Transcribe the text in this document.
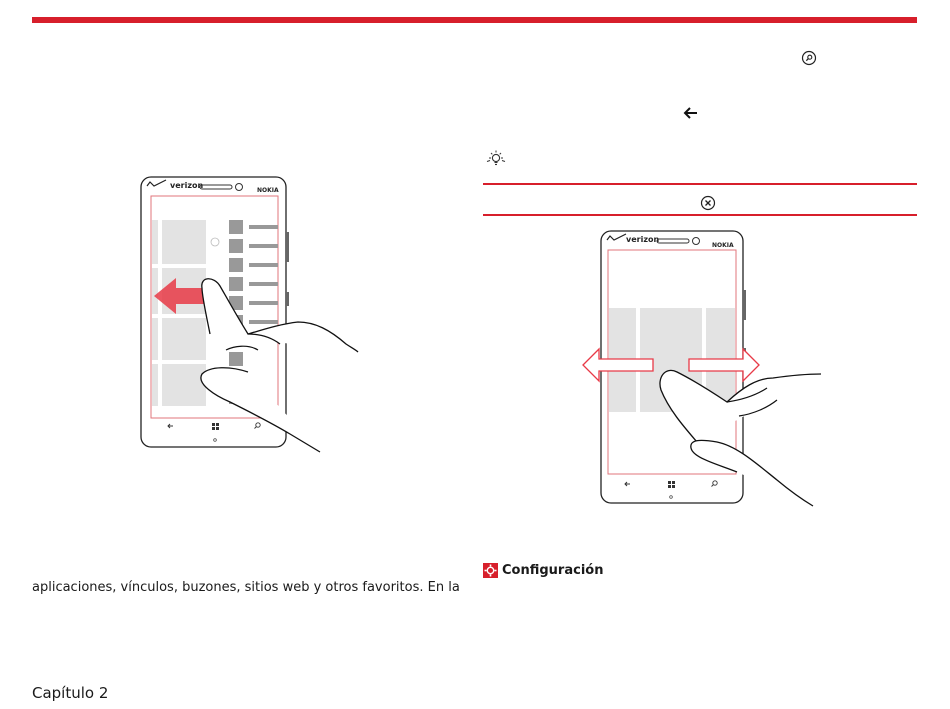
verizon
NOKIA
verizon
NOKIA
aplicaciones, vínculos, buzones, sitios web y otros favoritos. En la
Configuración
Capítulo 2
